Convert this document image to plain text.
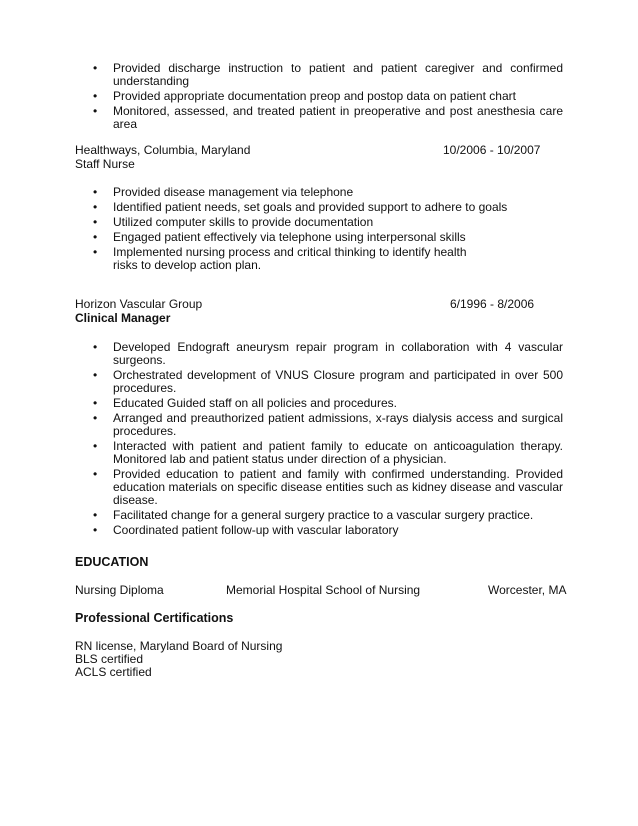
•	Provided discharge instruction to patient and patient caregiver and confirmed understanding
•	Provided appropriate documentation preop and postop data on patient chart
•	Monitored, assessed, and treated patient in preoperative and post anesthesia care area
Healthways, Columbia, Maryland	10/2006 - 10/2007
Staff Nurse
•	Provided disease management via telephone
•	Identified patient needs, set goals and provided support to adhere to goals
•	Utilized computer skills to provide documentation
•	Engaged patient effectively via telephone using interpersonal skills
•	Implemented nursing process and critical thinking to identify health risks to develop action plan.
Horizon Vascular Group	6/1996 - 8/2006
Clinical Manager
•	Developed Endograft aneurysm repair program in collaboration with 4 vascular surgeons.
•	Orchestrated development of VNUS Closure program and participated in over 500 procedures.
•	Educated Guided staff on all policies and procedures.
•	Arranged and preauthorized patient admissions, x-rays dialysis access and surgical procedures.
•	Interacted with patient and patient family to educate on anticoagulation therapy. Monitored lab and patient status under direction of a physician.
•	Provided education to patient and family with confirmed understanding. Provided education materials on specific disease entities such as kidney disease and vascular disease.
•	Facilitated change for a general surgery practice to a vascular surgery practice.
•	Coordinated patient follow-up with vascular laboratory
EDUCATION
Nursing Diploma	Memorial Hospital School of Nursing	Worcester, MA
Professional Certifications
RN license, Maryland Board of Nursing
BLS certified
ACLS certified
